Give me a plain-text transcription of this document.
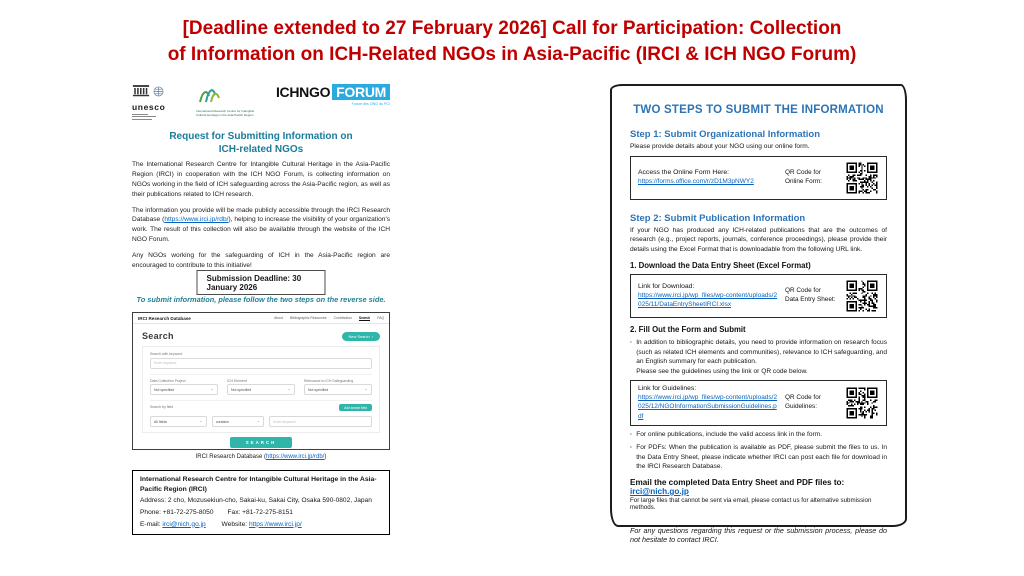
[Deadline extended to 27 February 2026] Call for Participation: Collection
of Information on ICH-Related NGOs in Asia-Pacific (IRCI & ICH NGO Forum)
unesco	International Research Centre for Intangible Cultural Heritage in the Asia-Pacific Region
ICHNGO FORUM
Forum des ONG du PCI
Request for Submitting Information on
ICH-related NGOs

The International Research Centre for Intangible Cultural Heritage in the Asia-Pacific Region (IRCI) in cooperation with the ICH NGO Forum, is collecting information on NGOs working in the field of ICH safeguarding across the Asia-Pacific region, as well as their publications related to ICH research.

The information you provide will be made publicly accessible through the IRCI Research Database (https://www.irci.jp/rdb/), helping to increase the visibility of your organization's work. The result of this collection will also be available through the website of the ICH NGO Forum.

Any NGOs working for the safeguarding of ICH in the Asia-Pacific region are encouraged to contribute to this initiative!

Submission Deadline: 30 January 2026
To submit information, please follow the two steps on the reverse side.
IRCI Research Database	About Bibliographic Resources Contribution Search FAQ
Search	New Search ›
Search with keyword
Enter keyword
Data Collection Project
Not specified	⌄
ICH Element
Not specified	⌄
Relevance to ICH Safeguarding
Not specified	⌄
Search by field	Add search field
All fields	⌄	contains	⌄	Enter keyword
SEARCH
IRCI Research Database (https://www.irci.jp/rdb/)
International Research Centre for Intangible Cultural Heritage in the Asia-Pacific Region (IRCI)
Address: 2 cho, Mozusekiun-cho, Sakai-ku, Sakai City, Osaka 590-0802, Japan
Phone: +81-72-275-8050 Fax: +81-72-275-8151
E-mail: irci@nich.go.jp Website: https://www.irci.jp/
TWO STEPS TO SUBMIT THE INFORMATION
Step 1: Submit Organizational Information
Please provide details about your NGO using our online form.
Access the Online Form Here:
https://forms.office.com/r/zD1M3pNWY2
QR Code for
Online Form:
Step 2: Submit Publication Information
If your NGO has produced any ICH-related publications that are the outcomes of research (e.g., project reports, journals, conference proceedings), please provide their details using the Excel Format that is downloadable from the following URL link.
1. Download the Data Entry Sheet (Excel Format)
Link for Download:
https://www.irci.jp/wp_files/wp-content/uploads/2025/11/DataEntrySheetIRCI.xlsx
QR Code for
Data Entry Sheet:
2. Fill Out the Form and Submit
· In addition to bibliographic details, you need to provide information on research focus (such as related ICH elements and communities), relevance to ICH safeguarding, and an English summary for each publication.
Please see the guidelines using the link or QR code below.
Link for Guidelines:
https://www.irci.jp/wp_files/wp-content/uploads/2025/12/NGOInformationSubmissionGuidelines.pdf
QR Code for
Guidelines:
· For online publications, include the valid access link in the form.
· For PDFs: When the publication is available as PDF, please submit the files to us. In the Data Entry Sheet, please indicate whether IRCI can post each file for download in the IRCI Research Database.
Email the completed Data Entry Sheet and PDF files to: irci@nich.go.jp
For large files that cannot be sent via email, please contact us for alternative submission methods.
For any questions regarding this request or the submission process, please do not hesitate to contact IRCI.
